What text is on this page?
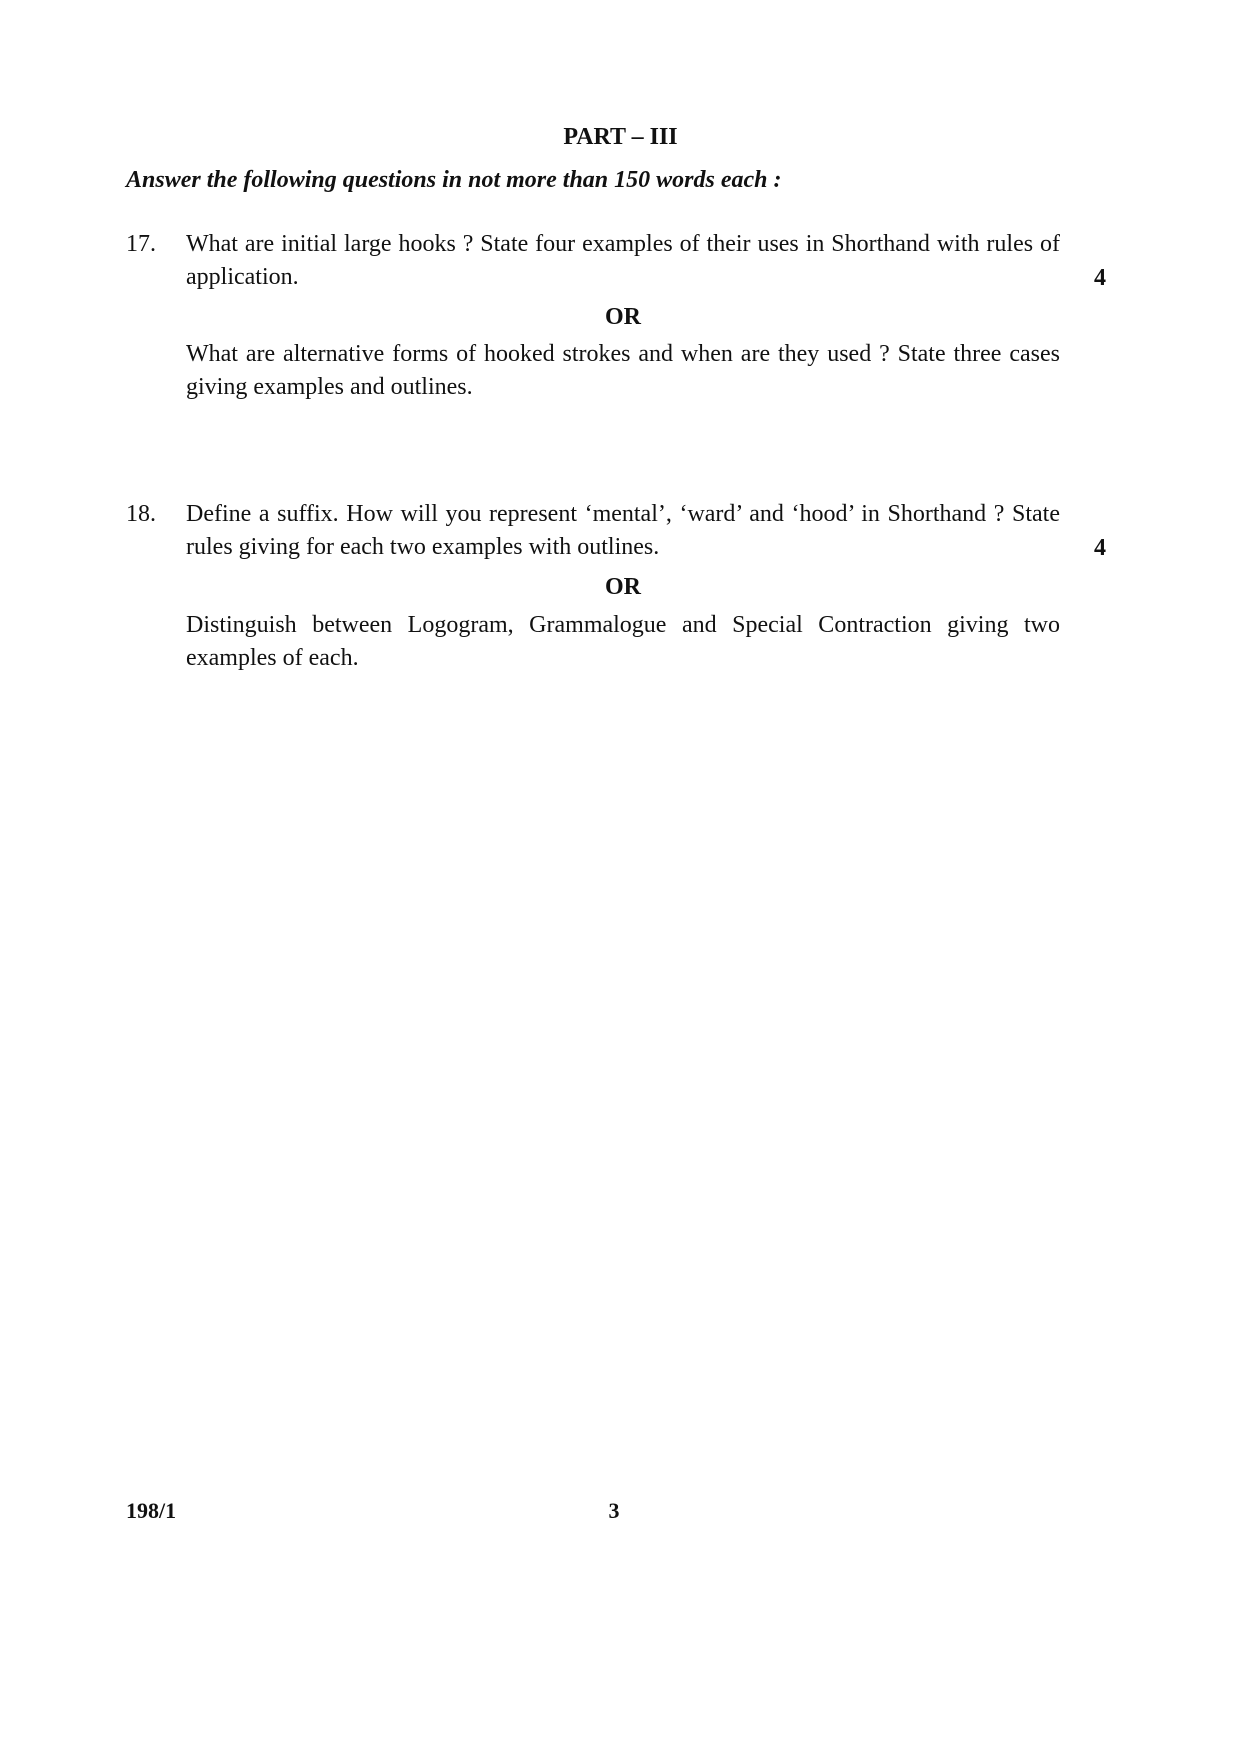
PART – III
Answer the following questions in not more than 150 words each :
17. What are initial large hooks ? State four examples of their uses in Shorthand with rules of application.	4
OR
What are alternative forms of hooked strokes and when are they used ? State three cases giving examples and outlines.
18. Define a suffix. How will you represent ‘mental’, ‘ward’ and ‘hood’ in Shorthand ? State rules giving for each two examples with outlines.	4
OR
Distinguish between Logogram, Grammalogue and Special Contraction giving two examples of each.
198/1	3
